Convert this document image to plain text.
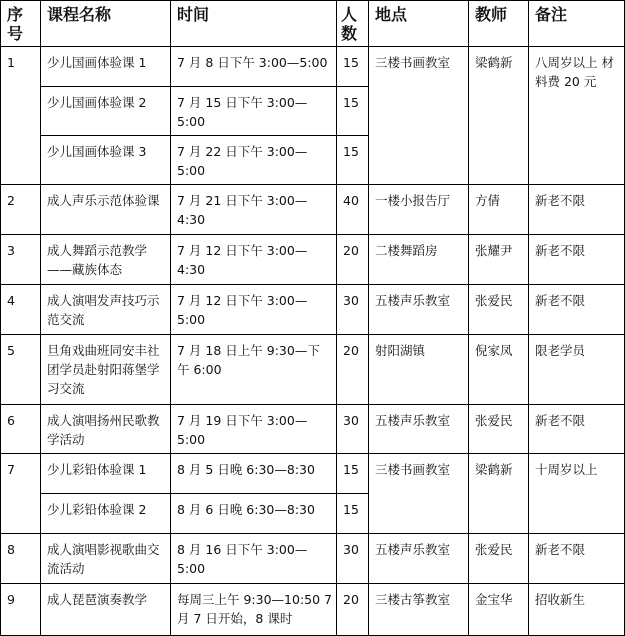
序号	课程名称	时间	人数	地点	教师	备注
1	少儿国画体验课 1	7 月 8 日下午 3:00—5:00	15	三楼书画教室	梁鹤新	八周岁以上 材料费 20 元
	少儿国画体验课 2	7 月 15 日下午 3:00—5:00	15			
	少儿国画体验课 3	7 月 22 日下午 3:00—5:00	15			
2	成人声乐示范体验课	7 月 21 日下午 3:00—4:30	40	一楼小报告厅	方倩	新老不限
3	成人舞蹈示范教学——藏族体态	7 月 12 日下午 3:00—4:30	20	二楼舞蹈房	张耀尹	新老不限
4	成人演唱发声技巧示范交流	7 月 12 日下午 3:00—5:00	30	五楼声乐教室	张爱民	新老不限
5	旦角戏曲班同安丰社团学员赴射阳蒋堡学习交流	7 月 18 日上午 9:30—下午 6:00	20	射阳湖镇	倪家凤	限老学员
6	成人演唱扬州民歌教学活动	7 月 19 日下午 3:00—5:00	30	五楼声乐教室	张爱民	新老不限
7	少儿彩铅体验课 1	8 月 5 日晚 6:30—8:30	15	三楼书画教室	梁鹤新	十周岁以上
	少儿彩铅体验课 2	8 月 6 日晚 6:30—8:30	15			
8	成人演唱影视歌曲交流活动	8 月 16 日下午 3:00—5:00	30	五楼声乐教室	张爱民	新老不限
9	成人琵琶演奏教学	每周三上午 9:30—10:50 7 月 7 日开始，8 课时	20	三楼古筝教室	金宝华	招收新生
